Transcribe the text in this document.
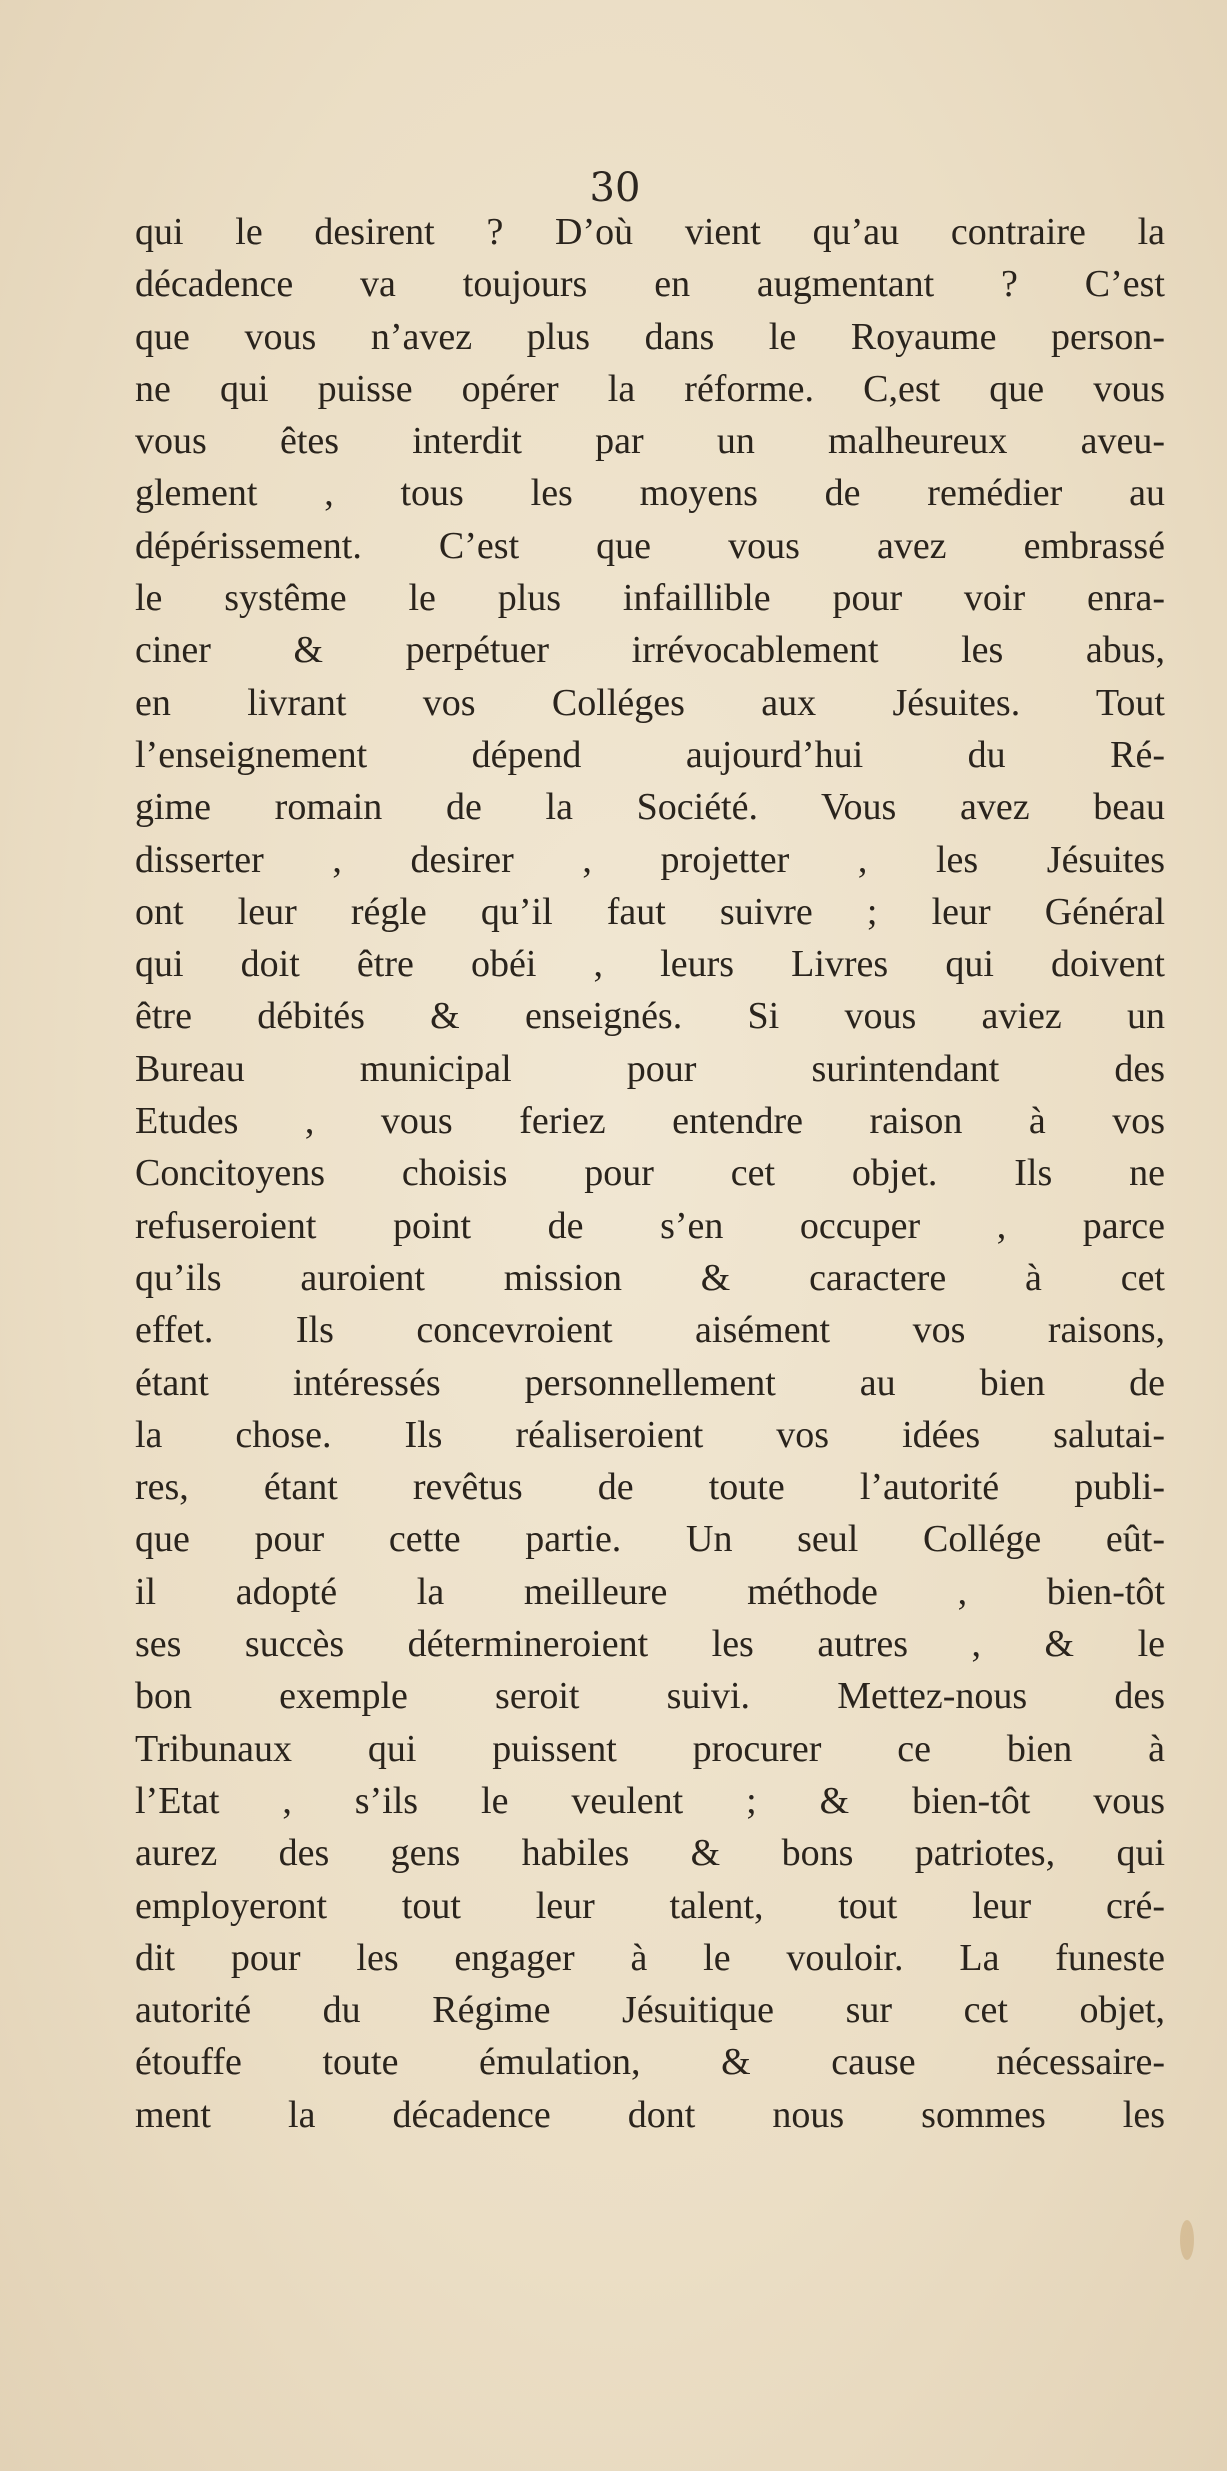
30
qui le desirent ? D’où vient qu’au contraire la
décadence va toujours en augmentant ? C’est
que vous n’avez plus dans le Royaume person-
ne qui puisse opérer la réforme. C,est que vous
vous êtes interdit par un malheureux aveu-
glement , tous les moyens de remédier au
dépérissement. C’est que vous avez embrassé
le systême le plus infaillible pour voir enra-
ciner & perpétuer irrévocablement les abus,
en livrant vos Colléges aux Jésuites. Tout
l’enseignement dépend aujourd’hui du Ré-
gime romain de la Société. Vous avez beau
disserter , desirer , projetter , les Jésuites
ont leur régle qu’il faut suivre ; leur Général
qui doit être obéi , leurs Livres qui doivent
être débités & enseignés. Si vous aviez un
Bureau municipal pour surintendant des
Etudes , vous feriez entendre raison à vos
Concitoyens choisis pour cet objet. Ils ne
refuseroient point de s’en occuper , parce
qu’ils auroient mission & caractere à cet
effet. Ils concevroient aisément vos raisons,
étant intéressés personnellement au bien de
la chose. Ils réaliseroient vos idées salutai-
res, étant revêtus de toute l’autorité publi-
que pour cette partie. Un seul Collége eût-
il adopté la meilleure méthode , bien-tôt
ses succès détermineroient les autres , & le
bon exemple seroit suivi. Mettez-nous des
Tribunaux qui puissent procurer ce bien à
l’Etat , s’ils le veulent ; & bien-tôt vous
aurez des gens habiles & bons patriotes, qui
employeront tout leur talent, tout leur cré-
dit pour les engager à le vouloir. La funeste
autorité du Régime Jésuitique sur cet objet,
étouffe toute émulation, & cause nécessaire-
ment la décadence dont nous sommes les
